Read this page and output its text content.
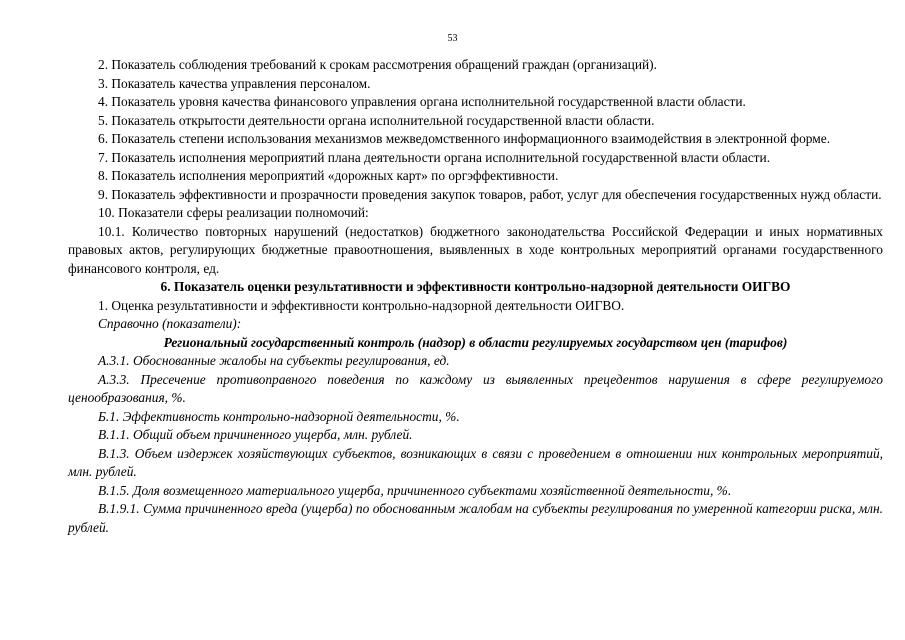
53

2. Показатель соблюдения требований к срокам рассмотрения обращений граждан (организаций).

3. Показатель качества управления персоналом.

4. Показатель уровня качества финансового управления органа исполнительной государственной власти области.

5. Показатель открытости деятельности органа исполнительной государственной власти области.

6. Показатель степени использования механизмов межведомственного информационного взаимодействия в электронной форме.

7. Показатель исполнения мероприятий плана деятельности органа исполнительной государственной власти области.

8. Показатель исполнения мероприятий «дорожных карт» по оргэффективности.

9. Показатель эффективности и прозрачности проведения закупок товаров, работ, услуг для обеспечения государственных нужд области.

10. Показатели сферы реализации полномочий:

10.1. Количество повторных нарушений (недостатков) бюджетного законодательства Российской Федерации и иных нормативных правовых актов, регулирующих бюджетные правоотношения, выявленных в ходе контрольных мероприятий органами государственного финансового контроля, ед.

6. Показатель оценки результативности и эффективности контрольно-надзорной деятельности ОИГВО

1. Оценка результативности и эффективности контрольно-надзорной деятельности ОИГВО.

Справочно (показатели):

Региональный государственный контроль (надзор) в области регулируемых государством цен (тарифов)

А.3.1. Обоснованные жалобы на субъекты регулирования, ед.

А.3.3. Пресечение противоправного поведения по каждому из выявленных прецедентов нарушения в сфере регулируемого ценообразования, %.

Б.1. Эффективность контрольно-надзорной деятельности, %.

В.1.1. Общий объем причиненного ущерба, млн. рублей.

В.1.3. Объем издержек хозяйствующих субъектов, возникающих в связи с проведением в отношении них контрольных мероприятий, млн. рублей.

В.1.5. Доля возмещенного материального ущерба, причиненного субъектами хозяйственной деятельности, %.

В.1.9.1. Сумма причиненного вреда (ущерба) по обоснованным жалобам на субъекты регулирования по умеренной категории риска, млн. рублей.
